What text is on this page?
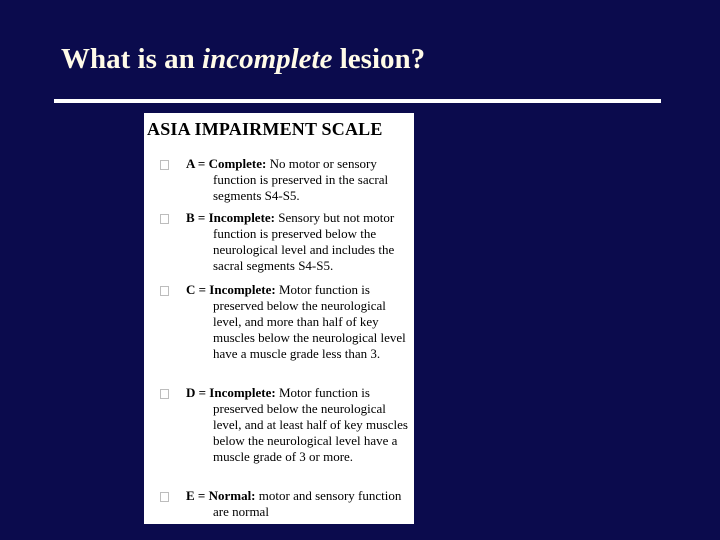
What is an incomplete lesion?
ASIA IMPAIRMENT SCALE

A = Complete: No motor or sensory function is preserved in the sacral segments S4-S5.

B = Incomplete: Sensory but not motor function is preserved below the neurological level and includes the sacral segments S4-S5.

C = Incomplete: Motor function is preserved below the neurological level, and more than half of key muscles below the neurological level have a muscle grade less than 3.

D = Incomplete: Motor function is preserved below the neurological level, and at least half of key muscles below the neurological level have a muscle grade of 3 or more.

E = Normal: motor and sensory function are normal
